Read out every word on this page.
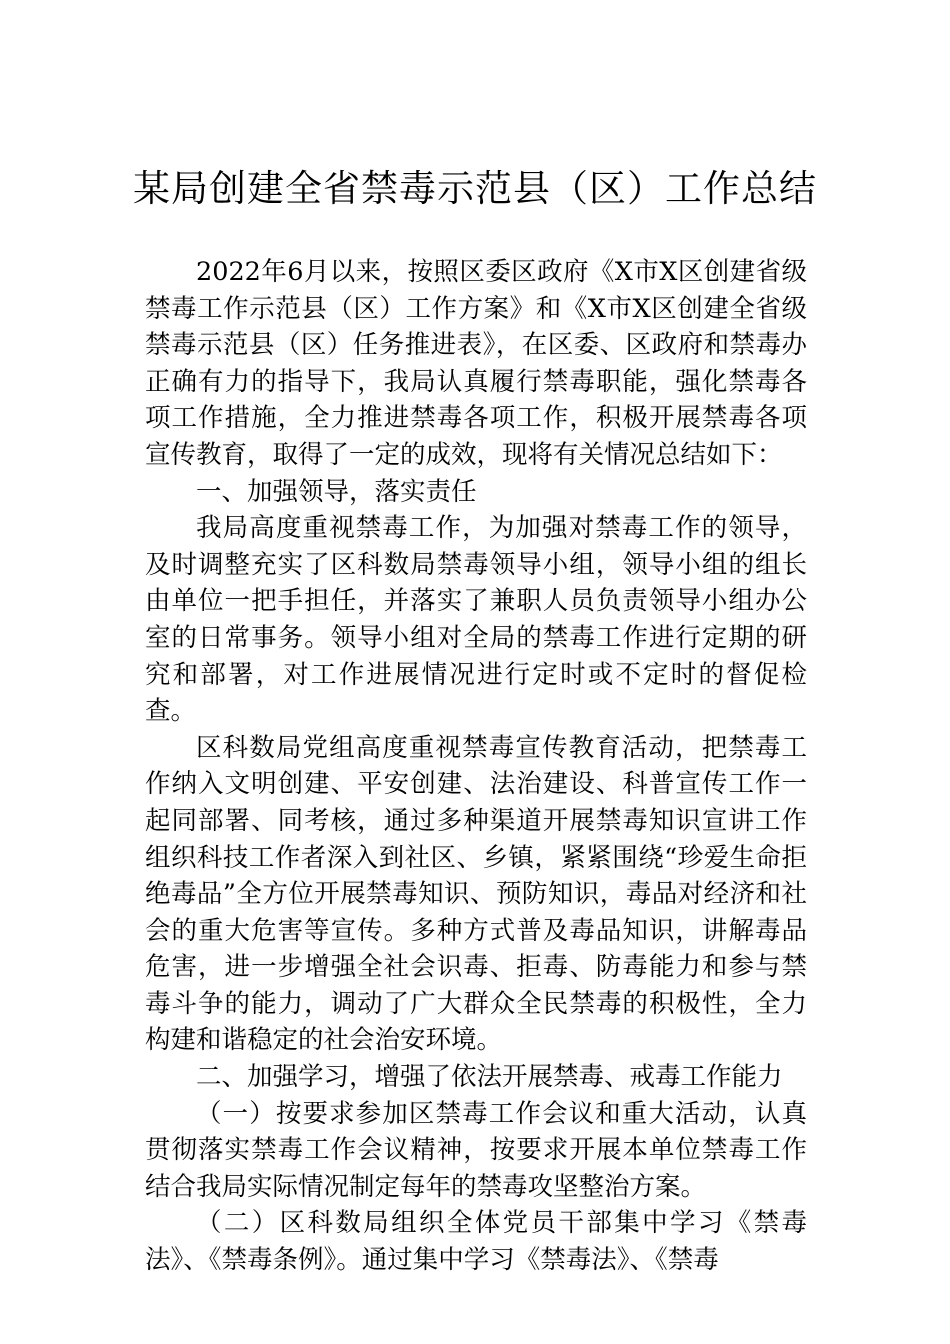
某局创建全省禁毒示范县（区）工作总结

2022年6月以来，按照区委区政府《X市X区创建省级禁毒工作示范县（区）工作方案》和《X市X区创建全省级禁毒示范县（区）任务推进表》，在区委、区政府和禁毒办正确有力的指导下，我局认真履行禁毒职能，强化禁毒各项工作措施，全力推进禁毒各项工作，积极开展禁毒各项宣传教育，取得了一定的成效，现将有关情况总结如下：

一、加强领导，落实责任

我局高度重视禁毒工作，为加强对禁毒工作的领导，及时调整充实了区科数局禁毒领导小组，领导小组的组长由单位一把手担任，并落实了兼职人员负责领导小组办公室的日常事务。领导小组对全局的禁毒工作进行定期的研究和部署，对工作进展情况进行定时或不定时的督促检查。

区科数局党组高度重视禁毒宣传教育活动，把禁毒工作纳入文明创建、平安创建、法治建设、科普宣传工作一起同部署、同考核，通过多种渠道开展禁毒知识宣讲工作组织科技工作者深入到社区、乡镇，紧紧围绕“珍爱生命拒绝毒品”全方位开展禁毒知识、预防知识，毒品对经济和社会的重大危害等宣传。多种方式普及毒品知识，讲解毒品危害，进一步增强全社会识毒、拒毒、防毒能力和参与禁毒斗争的能力，调动了广大群众全民禁毒的积极性，全力构建和谐稳定的社会治安环境。

二、加强学习，增强了依法开展禁毒、戒毒工作能力

（一）按要求参加区禁毒工作会议和重大活动，认真贯彻落实禁毒工作会议精神，按要求开展本单位禁毒工作结合我局实际情况制定每年的禁毒攻坚整治方案。

（二）区科数局组织全体党员干部集中学习《禁毒法》、《禁毒条例》。通过集中学习《禁毒法》、《禁毒
